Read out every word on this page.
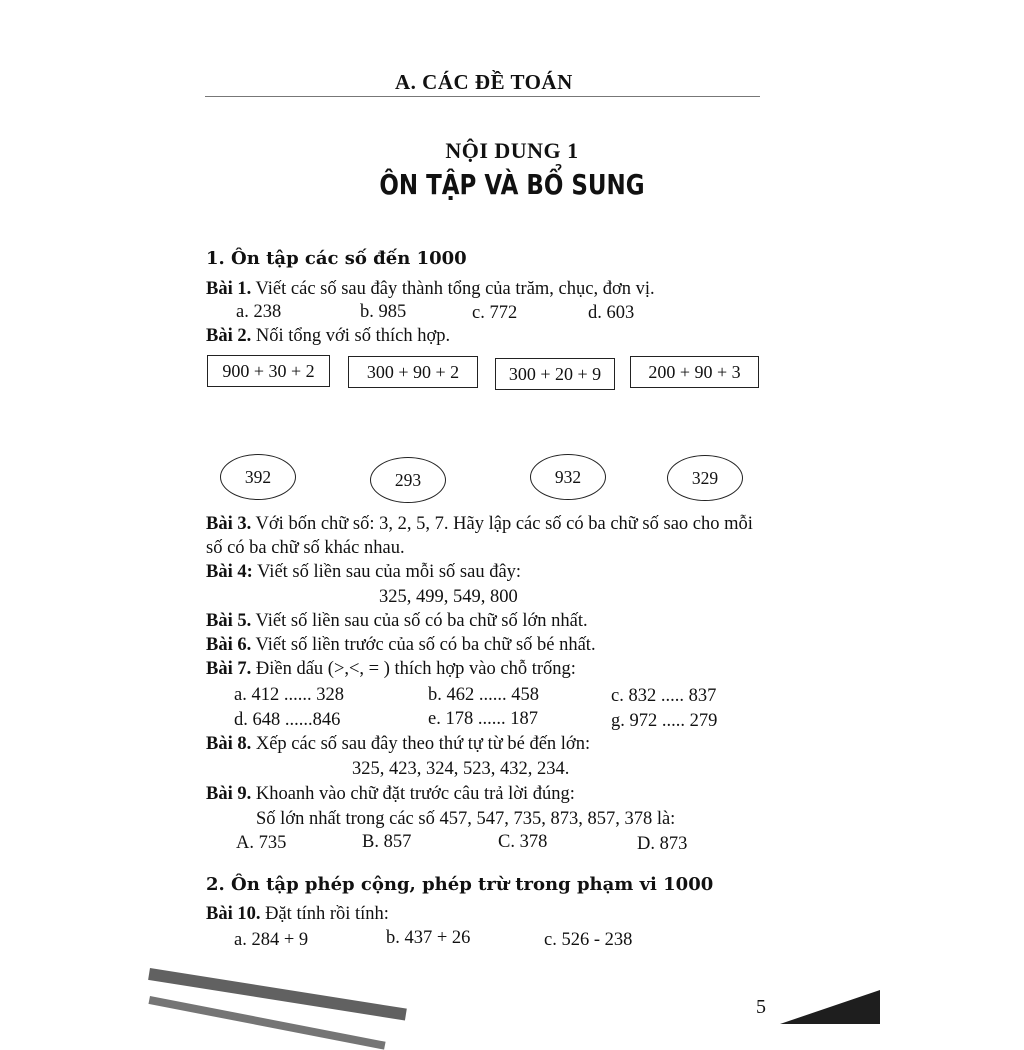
A. CÁC ĐỀ TOÁN
NỘI DUNG 1
ÔN TẬP VÀ BỔ SUNG
1. Ôn tập các số đến 1000
Bài 1. Viết các số sau đây thành tổng của trăm, chục, đơn vị.
a. 238	b. 985	c. 772	d. 603
Bài 2. Nối tổng với số thích hợp.
900 + 30 + 2	300 + 90 + 2	300 + 20 + 9	200 + 90 + 3
392	293	932	329
Bài 3. Với bốn chữ số: 3, 2, 5, 7. Hãy lập các số có ba chữ số sao cho mỗi
số có ba chữ số khác nhau.
Bài 4: Viết số liền sau của mỗi số sau đây:
325, 499, 549, 800
Bài 5. Viết số liền sau của số có ba chữ số lớn nhất.
Bài 6. Viết số liền trước của số có ba chữ số bé nhất.
Bài 7. Điền dấu (>,<, = ) thích hợp vào chỗ trống:
a. 412 ...... 328	b. 462 ...... 458	c. 832 ..... 837
d. 648 ......846	e. 178 ...... 187	g. 972 ..... 279
Bài 8. Xếp các số sau đây theo thứ tự từ bé đến lớn:
325, 423, 324, 523, 432, 234.
Bài 9. Khoanh vào chữ đặt trước câu trả lời đúng:
Số lớn nhất trong các số 457, 547, 735, 873, 857, 378 là:
A. 735	B. 857	C. 378	D. 873
2. Ôn tập phép cộng, phép trừ trong phạm vi 1000
Bài 10. Đặt tính rồi tính:
a. 284 + 9	b. 437 + 26	c. 526 - 238
5
